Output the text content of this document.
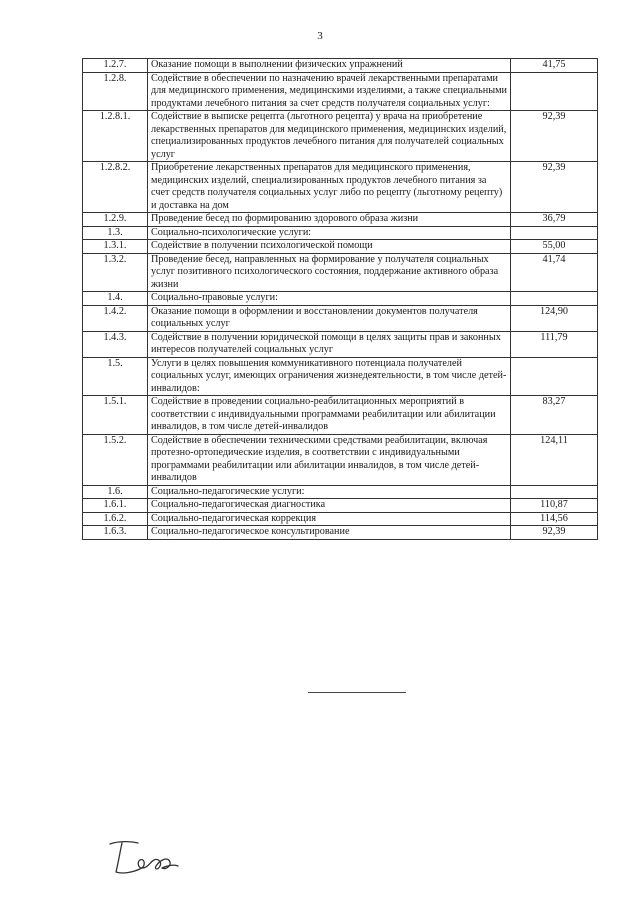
3
1.2.7.	Оказание помощи в выполнении физических упражнений	41,75
1.2.8.	Содействие в обеспечении по назначению врачей лекарственными препаратами для медицинского применения, медицинскими изделиями, а также специальными продуктами лечебного питания за счет средств получателя социальных услуг:	
1.2.8.1.	Содействие в выписке рецепта (льготного рецепта) у врача на приобретение лекарственных препаратов для медицинского применения, медицинских изделий, специализированных продуктов лечебного питания для получателей социальных услуг	92,39
1.2.8.2.	Приобретение лекарственных препаратов для медицинского применения, медицинских изделий, специализированных продуктов лечебного питания за счет средств получателя социальных услуг либо по рецепту (льготному рецепту) и доставка на дом	92,39
1.2.9.	Проведение бесед по формированию здорового образа жизни	36,79
1.3.	Социально-психологические услуги:	
1.3.1.	Содействие в получении психологической помощи	55,00
1.3.2.	Проведение бесед, направленных на формирование у получателя социальных услуг позитивного психологического состояния, поддержание активного образа жизни	41,74
1.4.	Социально-правовые услуги:	
1.4.2.	Оказание помощи в оформлении и восстановлении документов получателя социальных услуг	124,90
1.4.3.	Содействие в получении юридической помощи в целях защиты прав и законных интересов получателей социальных услуг	111,79
1.5.	Услуги в целях повышения коммуникативного потенциала получателей социальных услуг, имеющих ограничения жизнедеятельности, в том числе детей-инвалидов:	
1.5.1.	Содействие в проведении социально-реабилитационных мероприятий в соответствии с индивидуальными программами реабилитации или абилитации инвалидов, в том числе детей-инвалидов	83,27
1.5.2.	Содействие в обеспечении техническими средствами реабилитации, включая протезно-ортопедические изделия, в соответствии с индивидуальными программами реабилитации или абилитации инвалидов, в том числе детей-инвалидов	124,11
1.6.	Социально-педагогические услуги:	
1.6.1.	Социально-педагогическая диагностика	110,87
1.6.2.	Социально-педагогическая коррекция	114,56
1.6.3.	Социально-педагогическое консультирование	92,39
